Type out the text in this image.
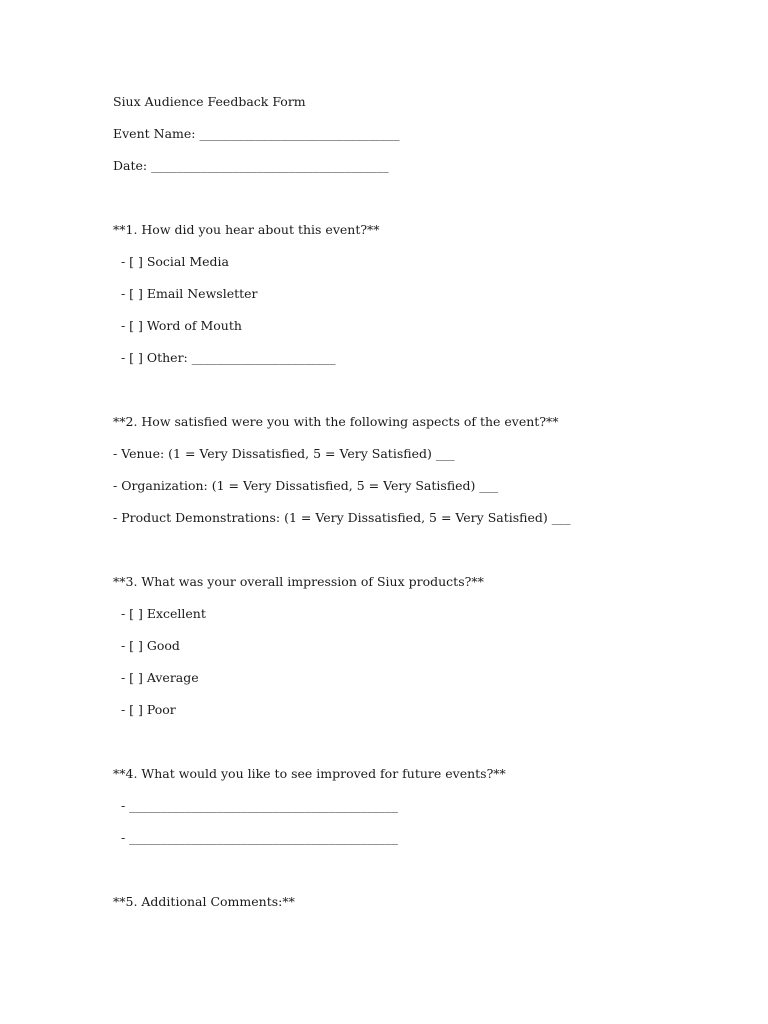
Siux Audience Feedback Form
Event Name: ________________________________
Date: ______________________________________
**1. How did you hear about this event?**
- [ ] Social Media
- [ ] Email Newsletter
- [ ] Word of Mouth
- [ ] Other: _______________________
**2. How satisfied were you with the following aspects of the event?**
- Venue: (1 = Very Dissatisfied, 5 = Very Satisfied) ___
- Organization: (1 = Very Dissatisfied, 5 = Very Satisfied) ___
- Product Demonstrations: (1 = Very Dissatisfied, 5 = Very Satisfied) ___
**3. What was your overall impression of Siux products?**
- [ ] Excellent
- [ ] Good
- [ ] Average
- [ ] Poor
**4. What would you like to see improved for future events?**
- ___________________________________________
- ___________________________________________
**5. Additional Comments:**
